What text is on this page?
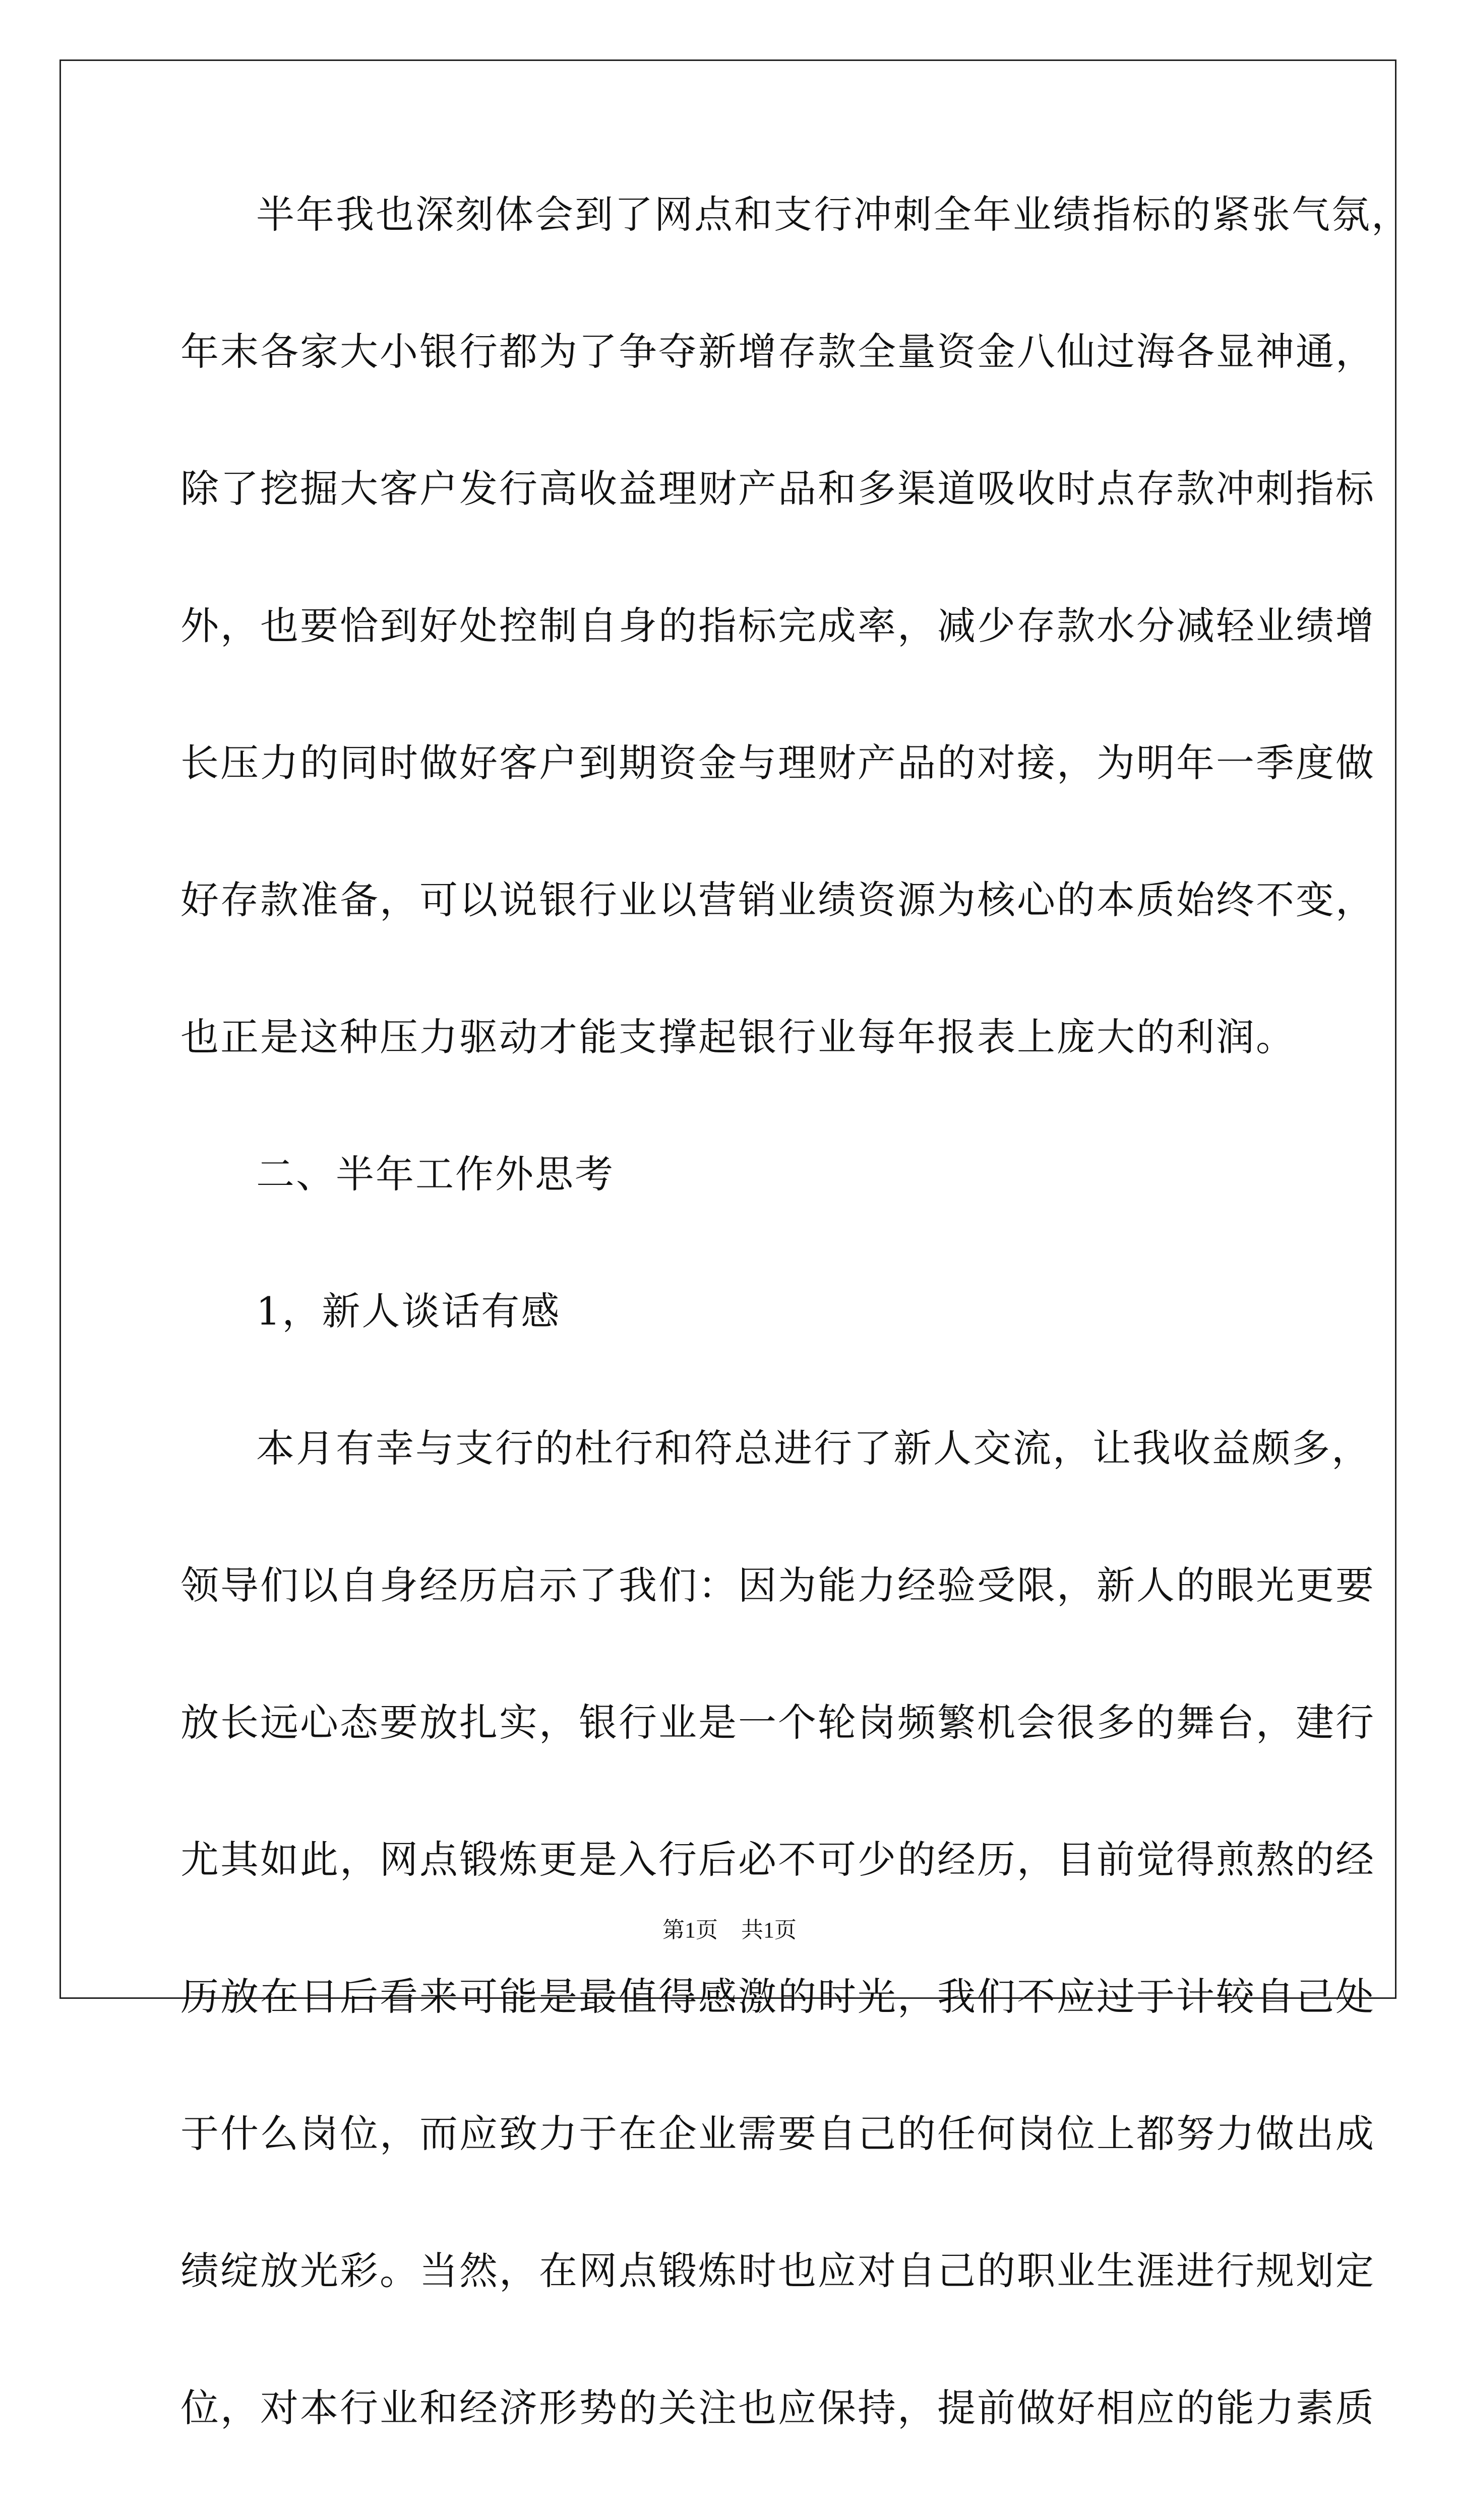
半年我也深刻体会到了网点和支行冲刺全年业绩指标的紧张气氛，
年末各家大小银行都为了争夺新增存款全量资金八仙过海各显神通，
除了挖掘大客户发行高收益理财产品和多渠道吸收时点存款冲刺指标
外，也要恰到好处控制自身的指标完成率，减少存款水分减轻业绩增
长压力的同时做好客户到期资金与理财产品的对接，为明年一季度做
好存款准备，可以说银行业以营销业绩资源为核心的本质始终不变，
也正是这种压力驱动才能支撑起银行业每年报表上庞大的利润。
二、半年工作外思考
1，新人谈话有感
本月有幸与支行的杜行和符总进行了新人交流，让我收益颇多，
领导们以自身经历启示了我们：因为能力经验受限，新人的眼光更要
放长远心态要放扎实，银行业是一个轮岗频繁机会很多的舞台，建行
尤其如此，网点锻炼更是入行后必不可少的经历，目前觉得煎熬的经
历放在日后看来可能是最值得感激的时光，我们不应过于计较自己处
于什么岗位，而应致力于在企业需要自己的任何岗位上都努力做出成
绩绽放光彩。当然，在网点锻炼时也应对自己的职业生涯进行规划定
位，对本行业和经济形势的关注也应保持，提前做好相应的能力素质
第1页 共1页
